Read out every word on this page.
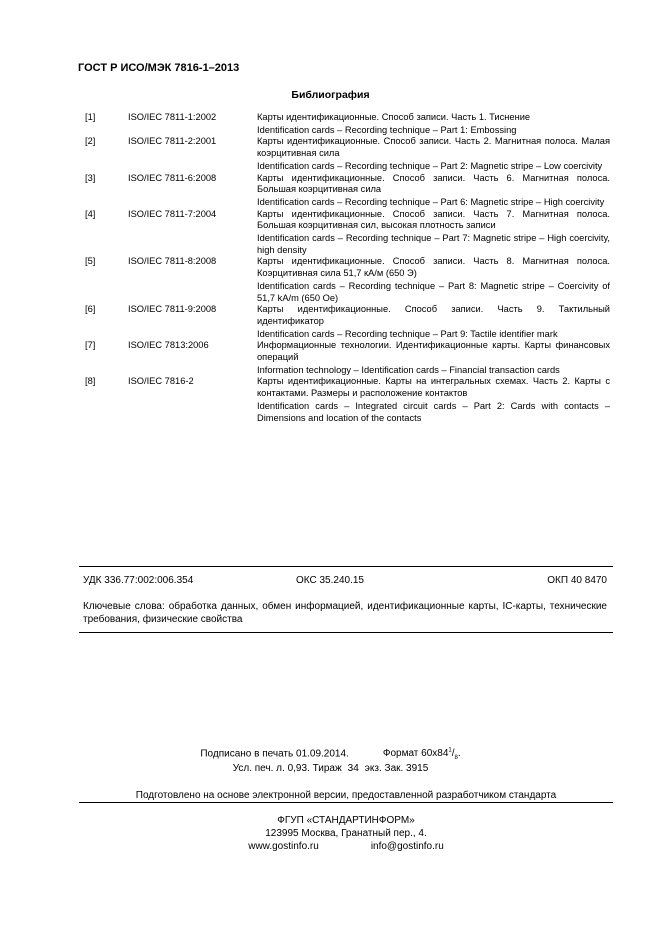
ГОСТ Р ИСО/МЭК 7816-1–2013
Библиография
[1]	ISO/IEC 7811-1:2002	Карты идентификационные. Способ записи. Часть 1. Тиснение

Identification cards – Recording technique – Part 1: Embossing

[2]	ISO/IEC 7811-2:2001	Карты идентификационные. Способ записи. Часть 2. Магнитная полоса. Малая коэрцитивная сила

Identification cards – Recording technique – Part 2: Magnetic stripe – Low coercivity

[3]	ISO/IEC 7811-6:2008	Карты идентификационные. Способ записи. Часть 6. Магнитная полоса. Большая коэрцитивная сила

Identification cards – Recording technique – Part 6: Magnetic stripe – High coercivity

[4]	ISO/IEC 7811-7:2004	Карты идентификационные. Способ записи. Часть 7. Магнитная полоса. Большая коэрцитивная сил, высокая плотность записи

Identification cards – Recording technique – Part 7: Magnetic stripe – High coercivity, high density

[5]	ISO/IEC 7811-8:2008	Карты идентификационные. Способ записи. Часть 8. Магнитная полоса. Коэрцитивная сила 51,7 кА/м (650 Э)

Identification cards – Recording technique – Part 8: Magnetic stripe – Coercivity of 51,7 kA/m (650 Oe)

[6]	ISO/IEC 7811-9:2008	Карты идентификационные. Способ записи. Часть 9. Тактильный идентификатор

Identification cards – Recording technique – Part 9: Tactile identifier mark

[7]	ISO/IEC 7813:2006	Информационные технологии. Идентификационные карты. Карты финансовых операций

Information technology – Identification cards – Financial transaction cards

[8]	ISO/IEC 7816-2	Карты идентификационные. Карты на интегральных схемах. Часть 2. Карты с контактами. Размеры и расположение контактов

Identification cards – Integrated circuit cards – Part 2: Cards with contacts – Dimensions and location of the contacts

УДК 336.77:002:006.354	ОКС 35.240.15	ОКП 40 8470
Ключевые слова: обработка данных, обмен информацией, идентификационные карты, IC-карты, технические требования, физические свойства
Подписано в печать 01.09.2014.	Формат $60x84^1/_8$.
Усл. печ. л. 0,93. Тираж 34 экз. Зак. 3915
Подготовлено на основе электронной версии, предоставленной разработчиком стандарта
ФГУП «СТАНДАРТИНФОРМ»
123995 Москва, Гранатный пер., 4.
www.gostinfo.ru	info@gostinfo.ru
